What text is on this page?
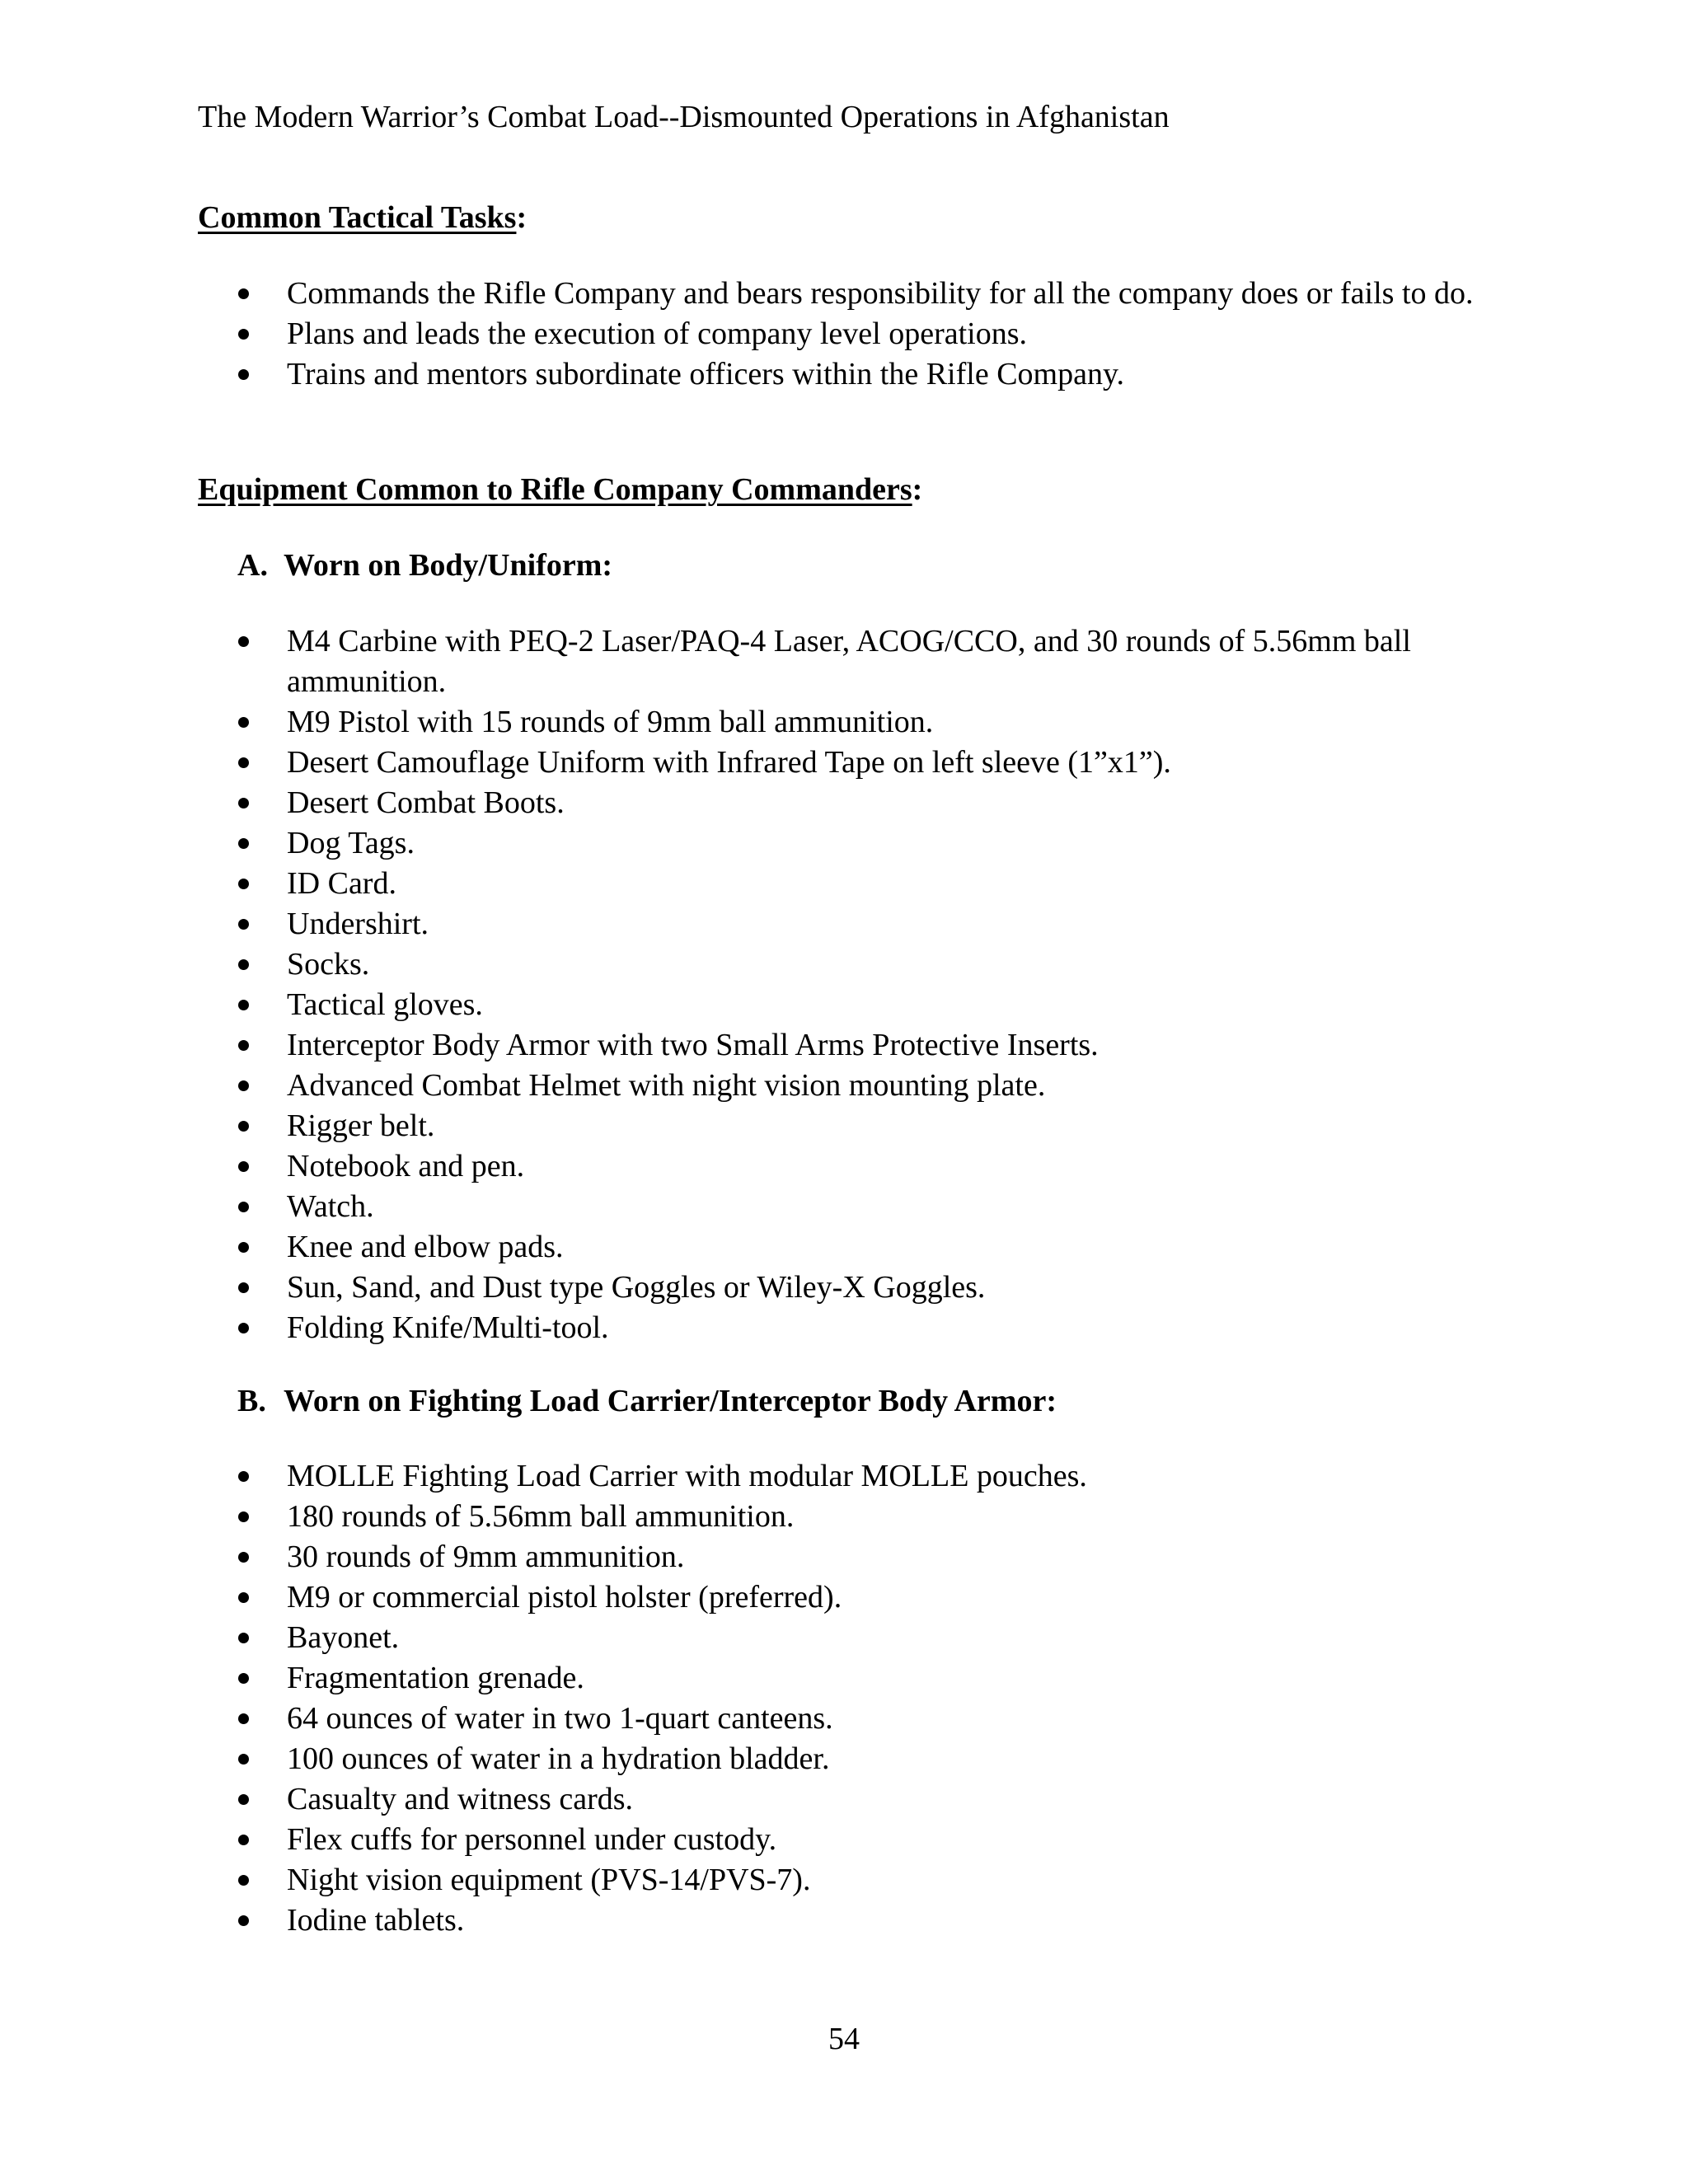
The Modern Warrior’s Combat Load--Dismounted Operations in Afghanistan
Common Tactical Tasks:
Commands the Rifle Company and bears responsibility for all the company does or fails to do.
Plans and leads the execution of company level operations.
Trains and mentors subordinate officers within the Rifle Company.
Equipment Common to Rifle Company Commanders:
A. Worn on Body/Uniform:
M4 Carbine with PEQ-2 Laser/PAQ-4 Laser, ACOG/CCO, and 30 rounds of 5.56mm ball ammunition.
M9 Pistol with 15 rounds of 9mm ball ammunition.
Desert Camouflage Uniform with Infrared Tape on left sleeve (1”x1”).
Desert Combat Boots.
Dog Tags.
ID Card.
Undershirt.
Socks.
Tactical gloves.
Interceptor Body Armor with two Small Arms Protective Inserts.
Advanced Combat Helmet with night vision mounting plate.
Rigger belt.
Notebook and pen.
Watch.
Knee and elbow pads.
Sun, Sand, and Dust type Goggles or Wiley-X Goggles.
Folding Knife/Multi-tool.
B. Worn on Fighting Load Carrier/Interceptor Body Armor:
MOLLE Fighting Load Carrier with modular MOLLE pouches.
180 rounds of 5.56mm ball ammunition.
30 rounds of 9mm ammunition.
M9 or commercial pistol holster (preferred).
Bayonet.
Fragmentation grenade.
64 ounces of water in two 1-quart canteens.
100 ounces of water in a hydration bladder.
Casualty and witness cards.
Flex cuffs for personnel under custody.
Night vision equipment (PVS-14/PVS-7).
Iodine tablets.
54
